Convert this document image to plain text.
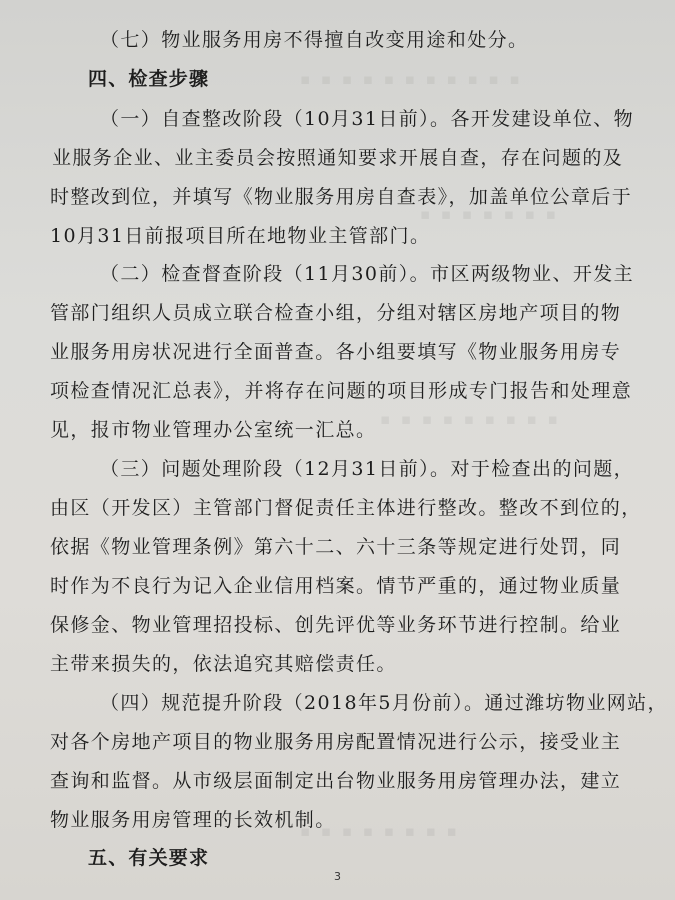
▪ ▪ ▪ ▪ ▪ ▪ ▪ ▪ ▪ ▪ ▪
▪ ▪ ▪ ▪ ▪ ▪ ▪
▪ ▪ ▪ ▪ ▪ ▪ ▪ ▪ ▪
▪ ▪ ▪ ▪ ▪ ▪ ▪ ▪
（七）物业服务用房不得擅自改变用途和处分。
四、检查步骤
（一）自查整改阶段（10月31日前）。各开发建设单位、物
业服务企业、业主委员会按照通知要求开展自查，存在问题的及
时整改到位，并填写《物业服务用房自查表》，加盖单位公章后于
10月31日前报项目所在地物业主管部门。
（二）检查督查阶段（11月30前）。市区两级物业、开发主
管部门组织人员成立联合检查小组，分组对辖区房地产项目的物
业服务用房状况进行全面普查。各小组要填写《物业服务用房专
项检查情况汇总表》，并将存在问题的项目形成专门报告和处理意
见，报市物业管理办公室统一汇总。
（三）问题处理阶段（12月31日前）。对于检查出的问题，
由区（开发区）主管部门督促责任主体进行整改。整改不到位的，
依据《物业管理条例》第六十二、六十三条等规定进行处罚，同
时作为不良行为记入企业信用档案。情节严重的，通过物业质量
保修金、物业管理招投标、创先评优等业务环节进行控制。给业
主带来损失的，依法追究其赔偿责任。
（四）规范提升阶段（2018年5月份前）。通过潍坊物业网站，
对各个房地产项目的物业服务用房配置情况进行公示，接受业主
查询和监督。从市级层面制定出台物业服务用房管理办法，建立
物业服务用房管理的长效机制。
五、有关要求
3
